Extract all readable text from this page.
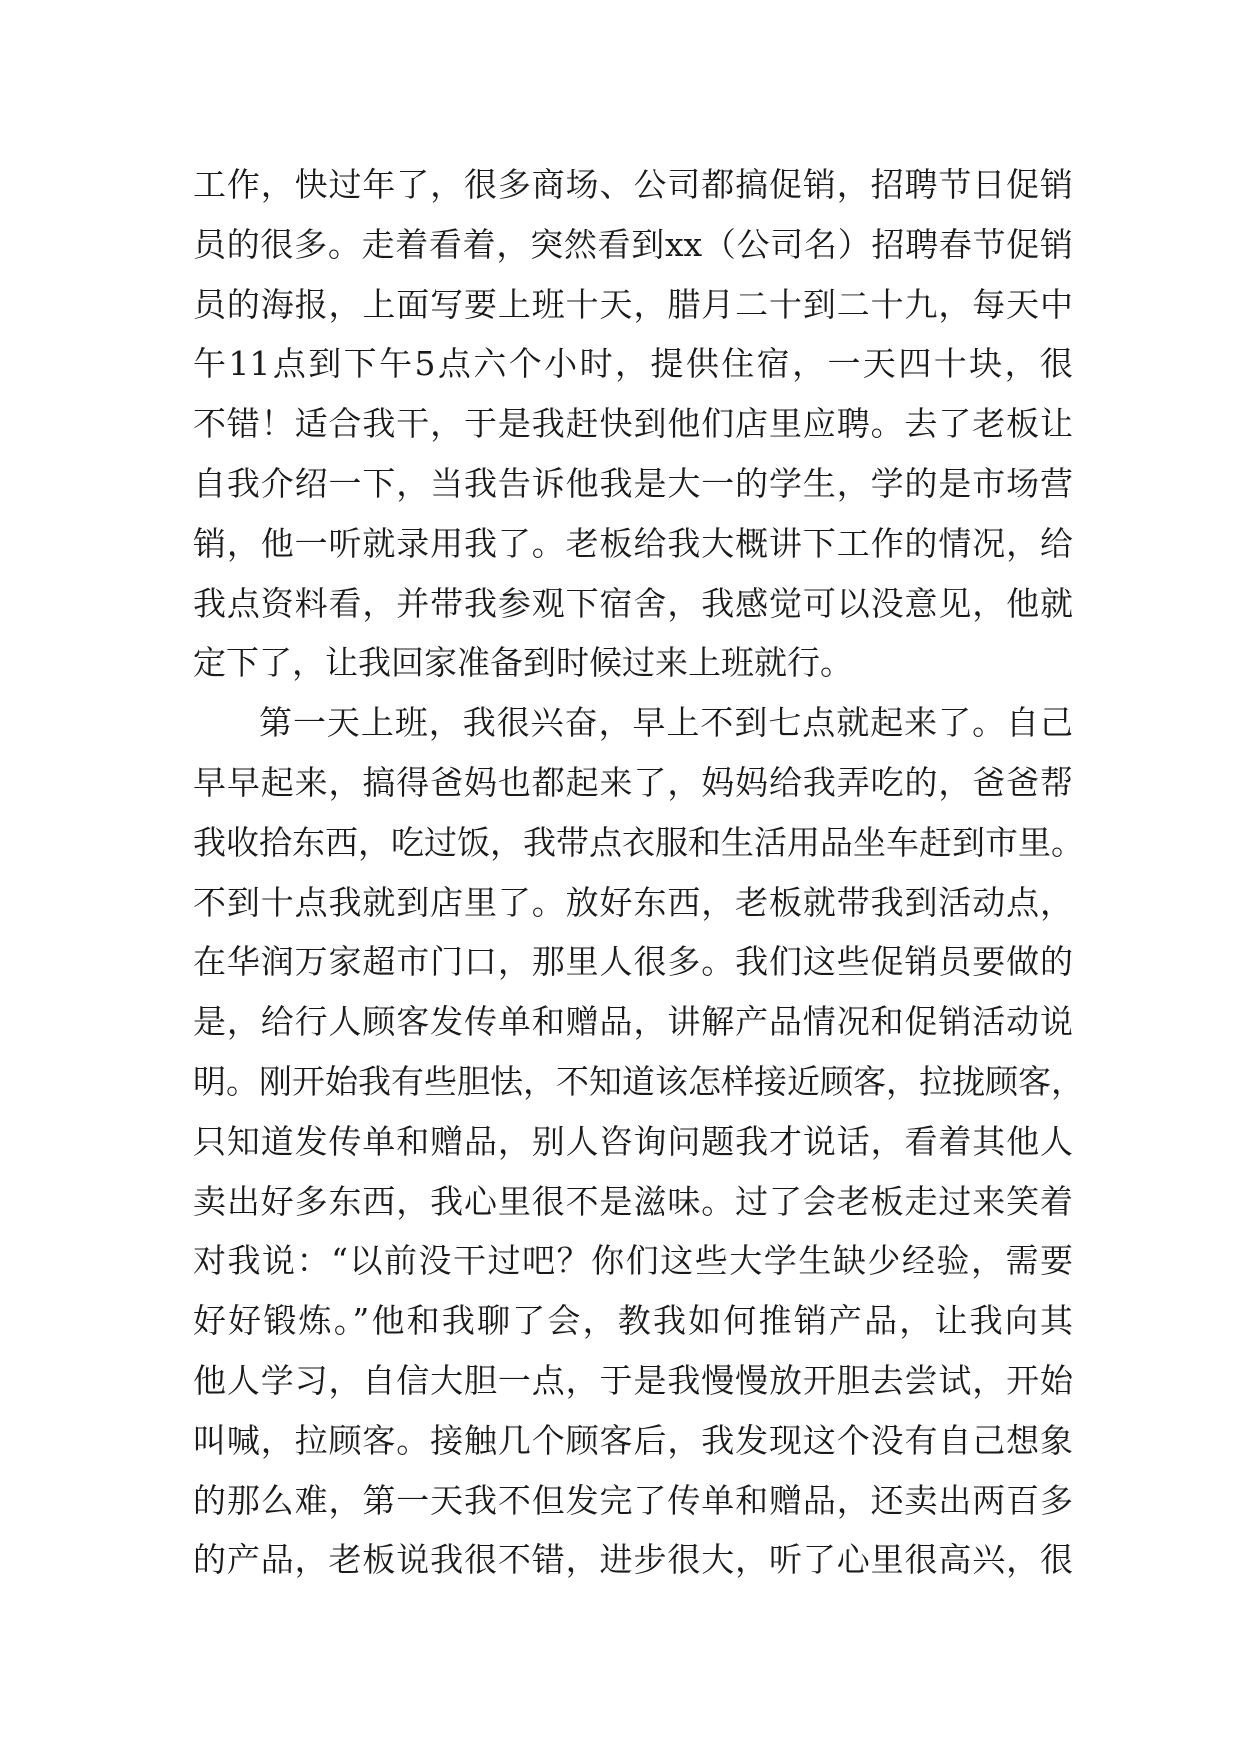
工作，快过年了，很多商场、公司都搞促销，招聘节日促销
员的很多。走着看着，突然看到xx（公司名）招聘春节促销
员的海报，上面写要上班十天，腊月二十到二十九，每天中
午11点到下午5点六个小时，提供住宿，一天四十块，很
不错！适合我干，于是我赶快到他们店里应聘。去了老板让
自我介绍一下，当我告诉他我是大一的学生，学的是市场营
销，他一听就录用我了。老板给我大概讲下工作的情况，给
我点资料看，并带我参观下宿舍，我感觉可以没意见，他就
定下了，让我回家准备到时候过来上班就行。
第一天上班，我很兴奋，早上不到七点就起来了。自己
早早起来，搞得爸妈也都起来了，妈妈给我弄吃的，爸爸帮
我收拾东西，吃过饭，我带点衣服和生活用品坐车赶到市里。
不到十点我就到店里了。放好东西，老板就带我到活动点，
在华润万家超市门口，那里人很多。我们这些促销员要做的
是，给行人顾客发传单和赠品，讲解产品情况和促销活动说
明。刚开始我有些胆怯，不知道该怎样接近顾客，拉拢顾客，
只知道发传单和赠品，别人咨询问题我才说话，看着其他人
卖出好多东西，我心里很不是滋味。过了会老板走过来笑着
对我说：“以前没干过吧？你们这些大学生缺少经验，需要
好好锻炼。”他和我聊了会，教我如何推销产品，让我向其
他人学习，自信大胆一点，于是我慢慢放开胆去尝试，开始
叫喊，拉顾客。接触几个顾客后，我发现这个没有自己想象
的那么难，第一天我不但发完了传单和赠品，还卖出两百多
的产品，老板说我很不错，进步很大，听了心里很高兴，很
